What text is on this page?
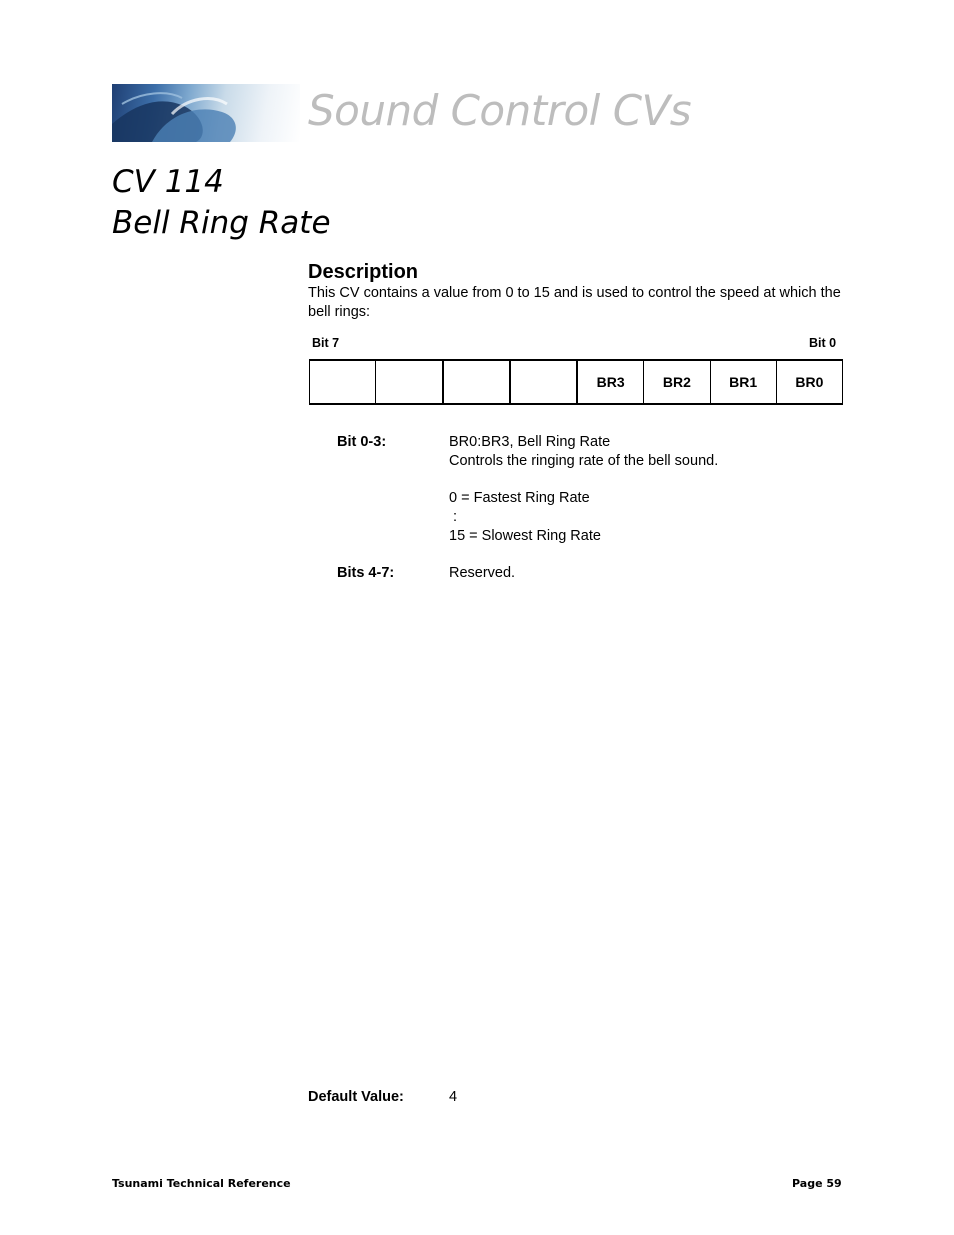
Sound Control CVs
CV 114
Bell Ring Rate
Description
This CV contains a value from 0 to 15 and is used to control the speed at which the bell rings:
Bit 7	Bit 0
BR3	BR2	BR1	BR0
Bit 0-3:	BR0:BR3, Bell Ring Rate
Controls the ringing rate of the bell sound.
0 = Fastest Ring Rate
:
15 = Slowest Ring Rate
Bits 4-7:	Reserved.
Default Value:	4
Tsunami Technical Reference	Page 59
